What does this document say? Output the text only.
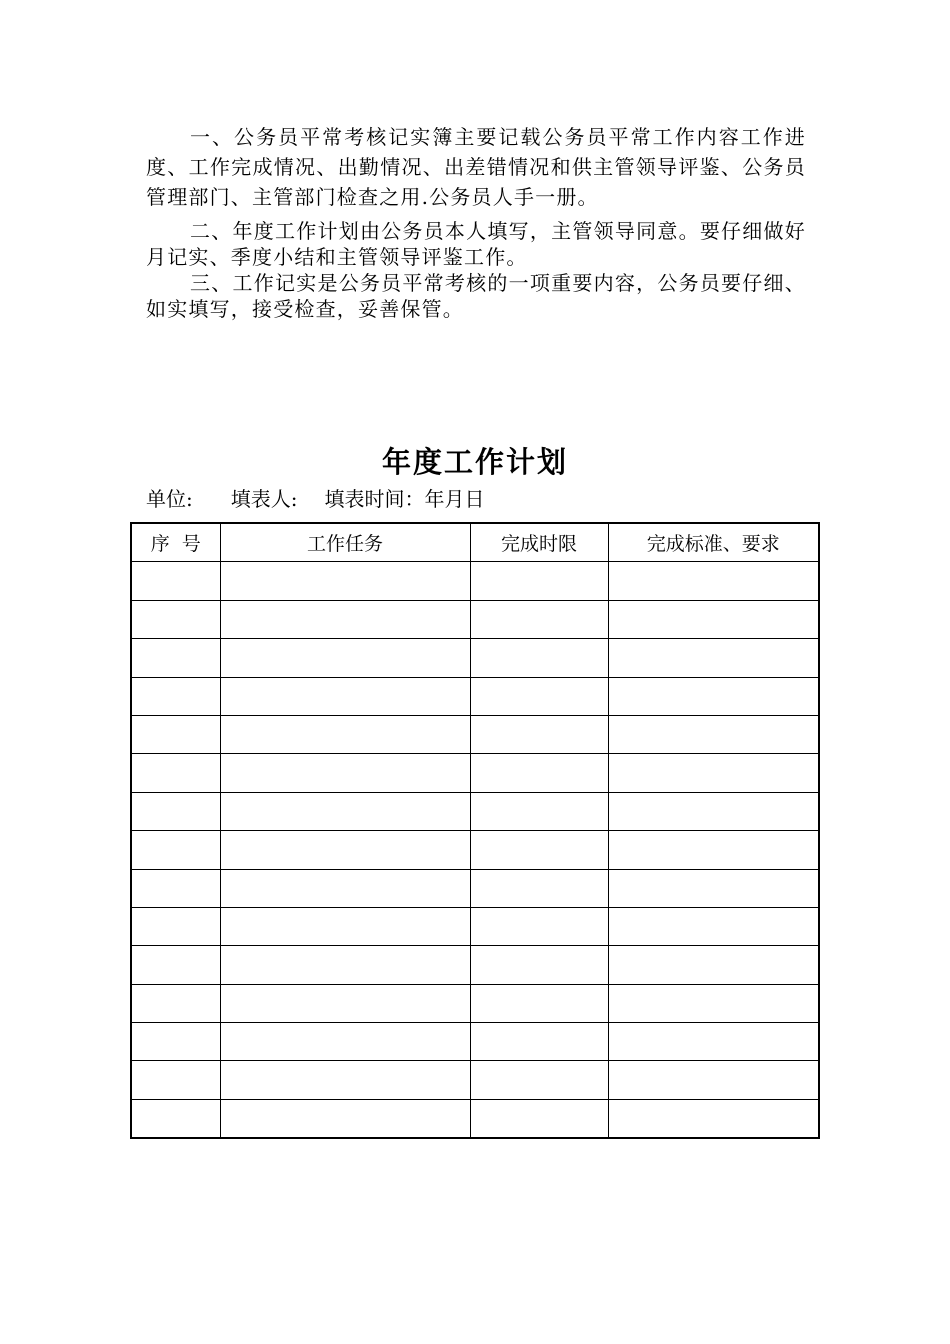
一、公务员平常考核记实簿主要记载公务员平常工作内容工作进度、工作完成情况、出勤情况、出差错情况和供主管领导评鉴、公务员管理部门、主管部门检查之用.公务员人手一册。

二、年度工作计划由公务员本人填写，主管领导同意。要仔细做好月记实、季度小结和主管领导评鉴工作。

三、工作记实是公务员平常考核的一项重要内容，公务员要仔细、如实填写，接受检查，妥善保管。

年度工作计划
单位: 填表人: 填表时间：年月日
序  号	工作任务	完成时限	完成标准、要求
